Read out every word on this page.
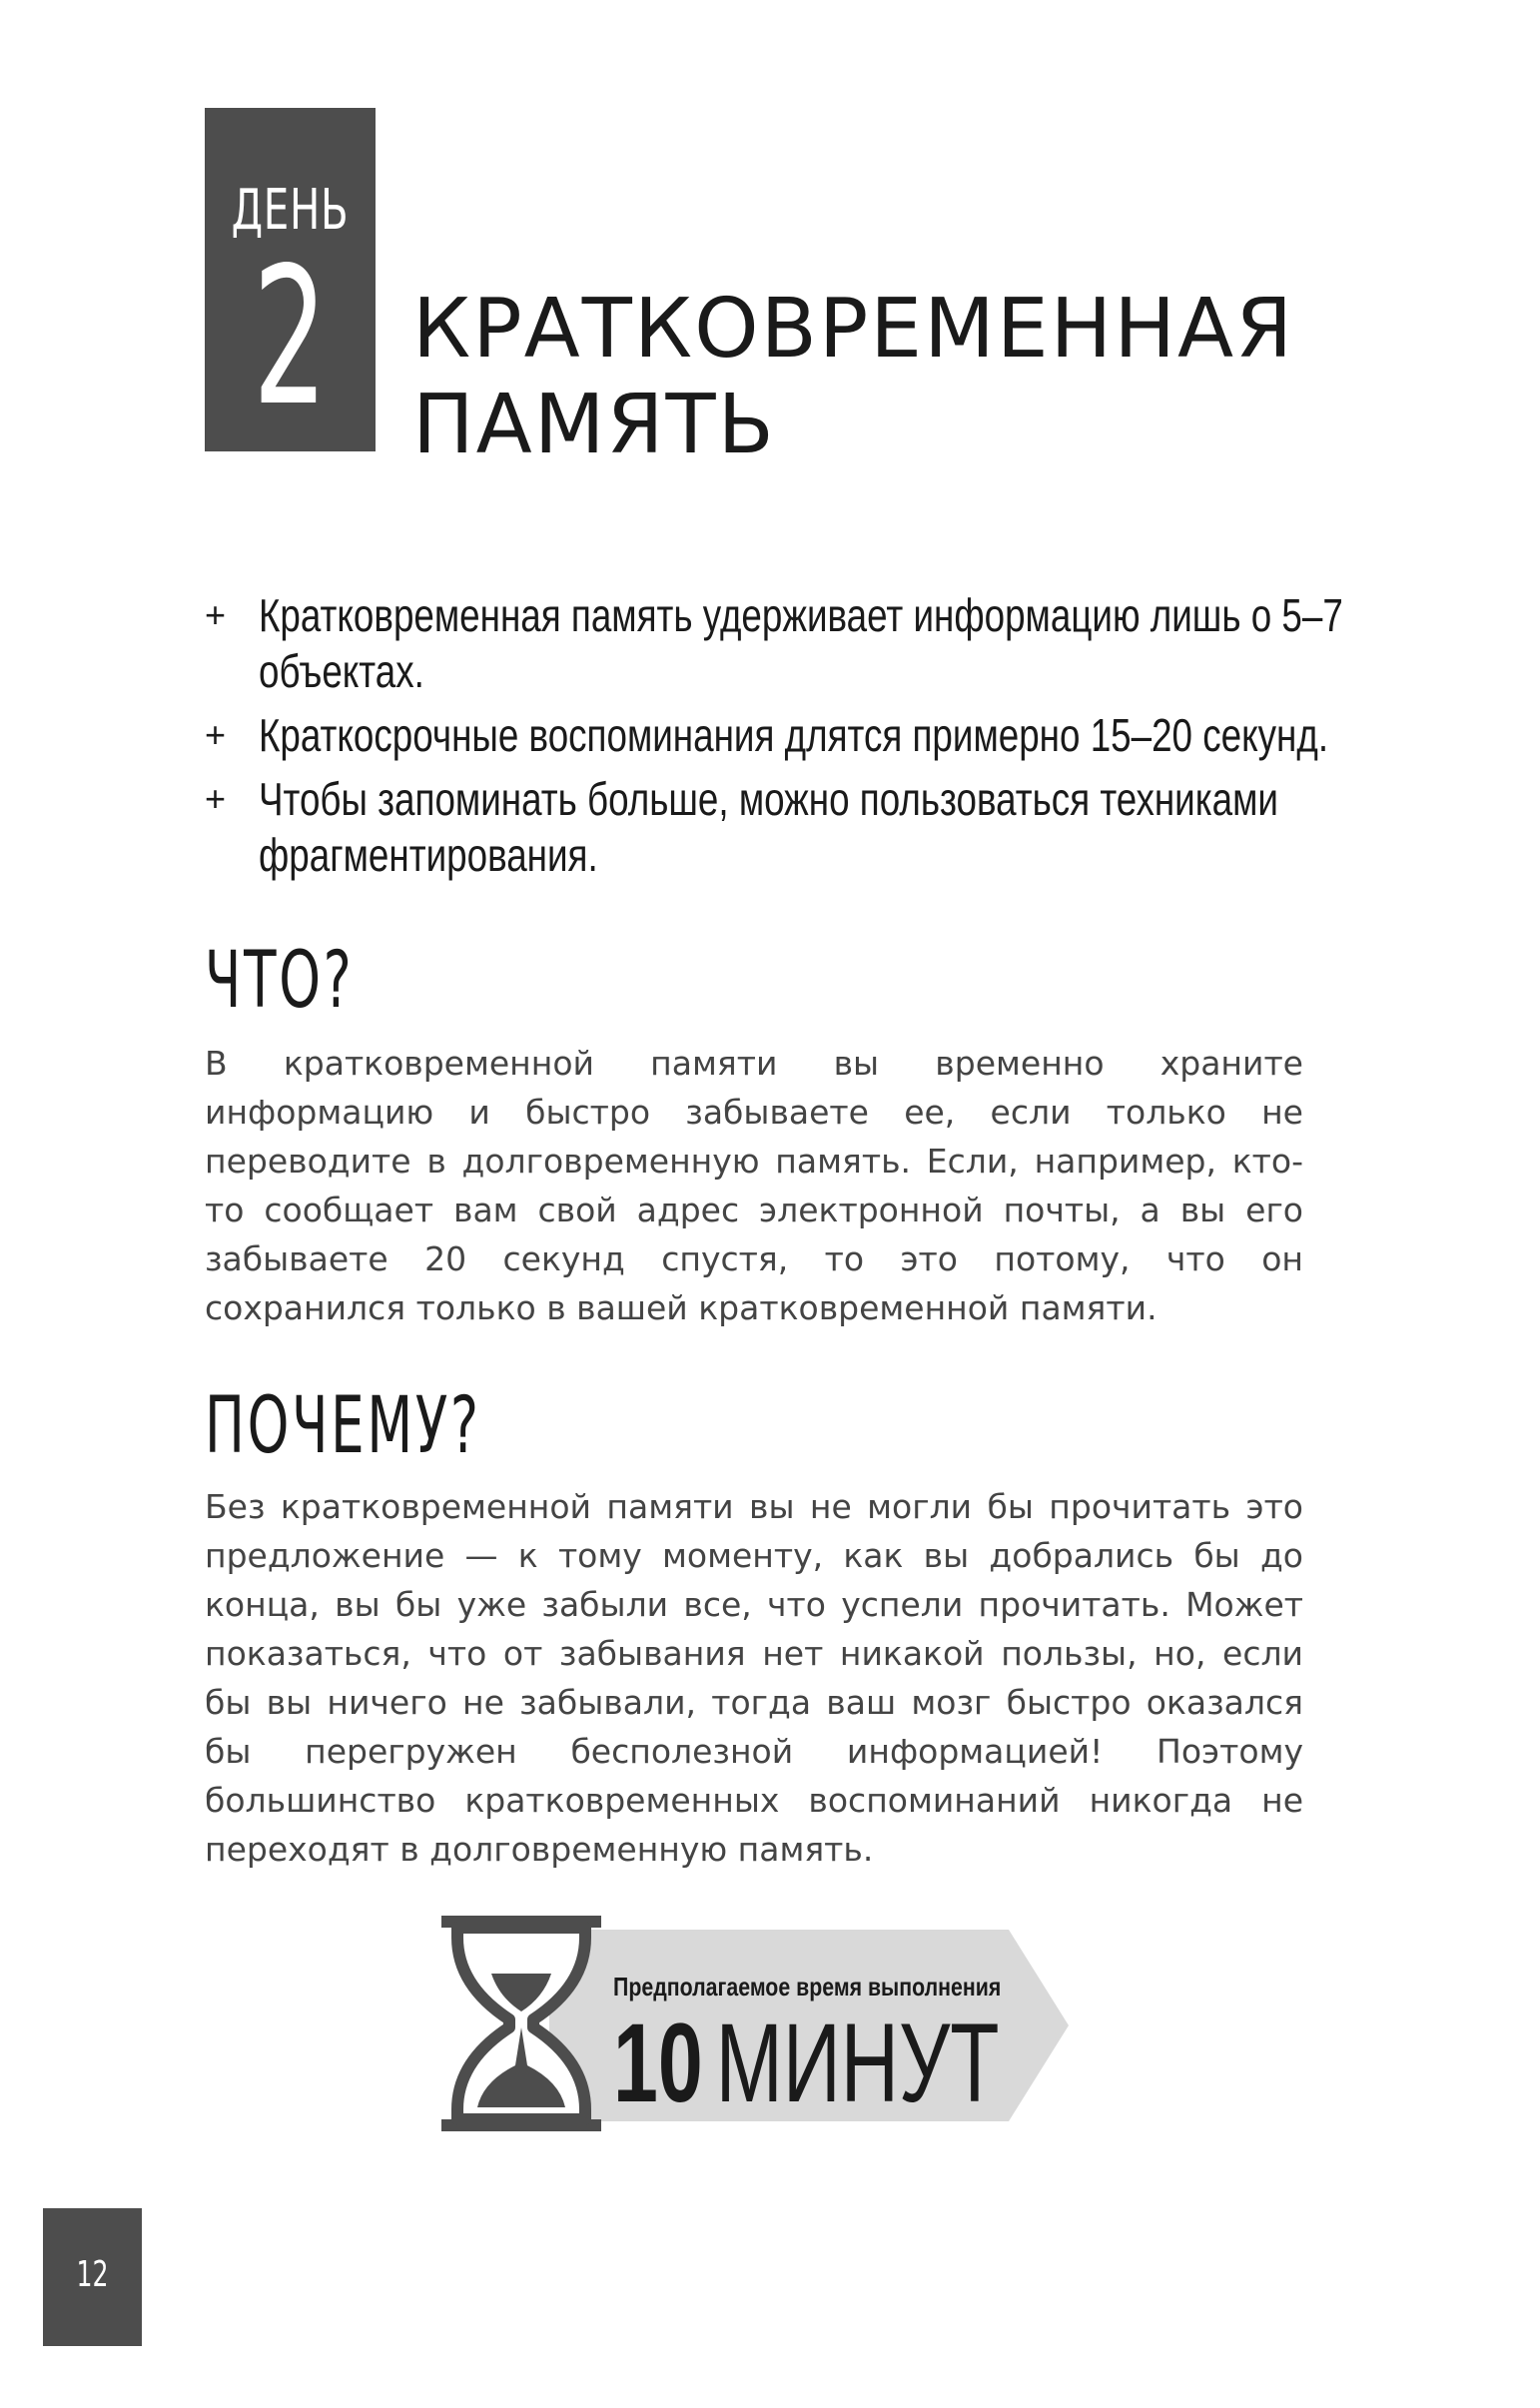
ДЕНЬ
2 КРАТКОВРЕМЕННАЯ
ПАМЯТЬ
+ Кратковременная память удерживает информацию лишь о 5–7 объектах.
+ Краткосрочные воспоминания длятся примерно 15–20 секунд.
+ Чтобы запоминать больше, можно пользоваться техниками фрагментирования.
ЧТО?

В кратковременной памяти вы временно храните информацию и быстро забываете ее, если только не переводите в долговременную память. Если, например, кто-то сообщает вам свой адрес электронной почты, а вы его забываете 20 секунд спустя, то это потому, что он сохранился только в вашей кратковременной памяти.

ПОЧЕМУ?

Без кратковременной памяти вы не могли бы прочитать это предложение — к тому моменту, как вы добрались бы до конца, вы бы уже забыли все, что успели прочитать. Может показаться, что от забывания нет никакой пользы, но, если бы вы ничего не забывали, тогда ваш мозг быстро оказался бы перегружен бесполезной информацией! Поэтому большинство кратковременных воспоминаний никогда не переходят в долговременную память.

Предполагаемое время выполнения
10 МИНУТ
12
